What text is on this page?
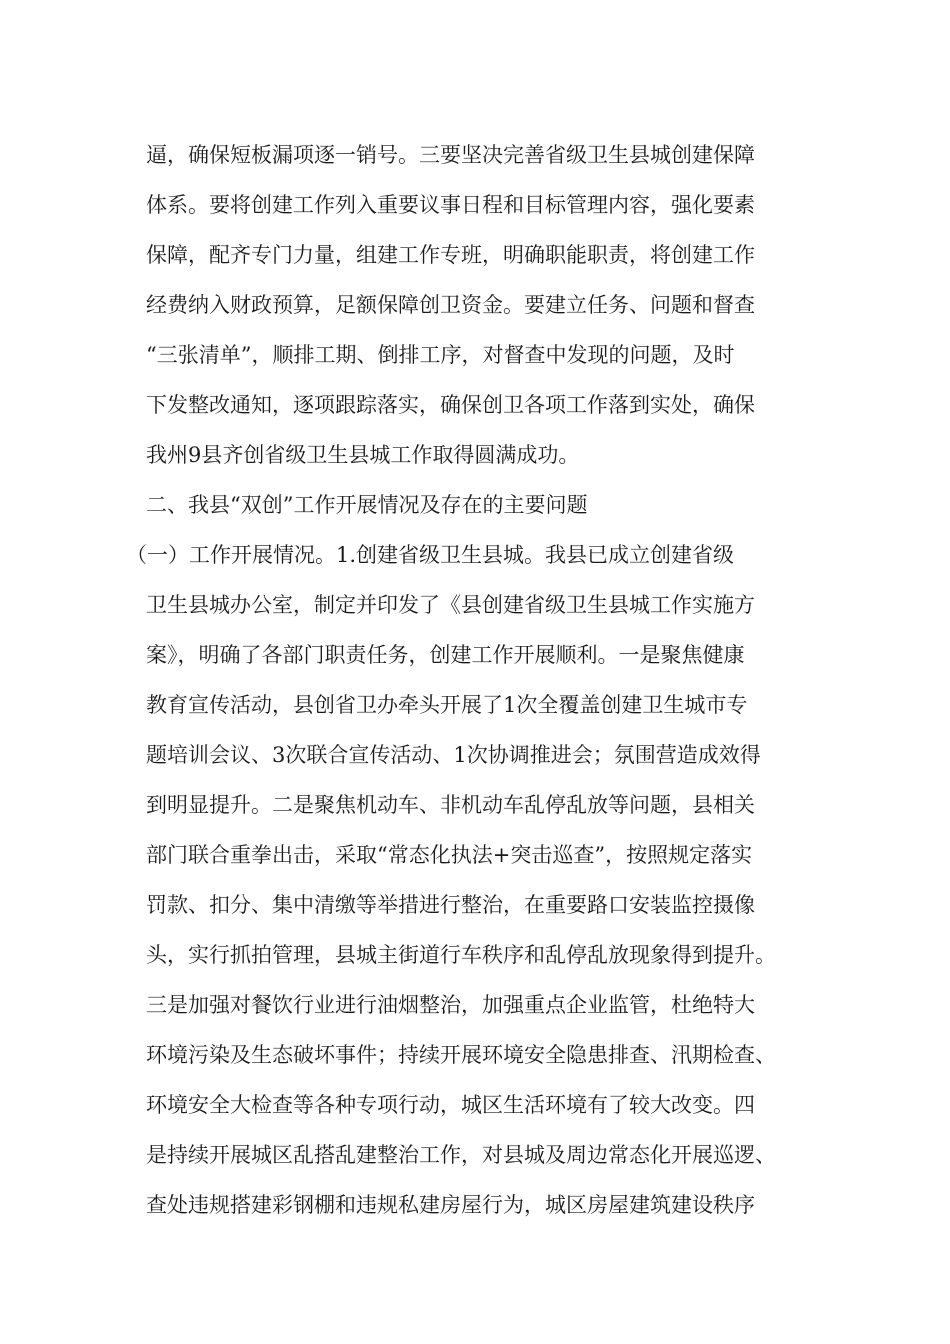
逼，确保短板漏项逐一销号。三要坚决完善省级卫生县城创建保障
体系。要将创建工作列入重要议事日程和目标管理内容，强化要素
保障，配齐专门力量，组建工作专班，明确职能职责，将创建工作
经费纳入财政预算，足额保障创卫资金。要建立任务、问题和督查
“三张清单”，顺排工期、倒排工序，对督查中发现的问题，及时
下发整改通知，逐项跟踪落实，确保创卫各项工作落到实处，确保
我州9县齐创省级卫生县城工作取得圆满成功。
二、我县“双创”工作开展情况及存在的主要问题
（一）工作开展情况。1.创建省级卫生县城。我县已成立创建省级
卫生县城办公室，制定并印发了《县创建省级卫生县城工作实施方
案》，明确了各部门职责任务，创建工作开展顺利。一是聚焦健康
教育宣传活动，县创省卫办牵头开展了1次全覆盖创建卫生城市专
题培训会议、3次联合宣传活动、1次协调推进会；氛围营造成效得
到明显提升。二是聚焦机动车、非机动车乱停乱放等问题，县相关
部门联合重拳出击，采取“常态化执法+突击巡查”，按照规定落实
罚款、扣分、集中清缴等举措进行整治，在重要路口安装监控摄像
头，实行抓拍管理，县城主街道行车秩序和乱停乱放现象得到提升。
三是加强对餐饮行业进行油烟整治，加强重点企业监管，杜绝特大
环境污染及生态破坏事件；持续开展环境安全隐患排查、汛期检查、
环境安全大检查等各种专项行动，城区生活环境有了较大改变。四
是持续开展城区乱搭乱建整治工作，对县城及周边常态化开展巡逻、
查处违规搭建彩钢棚和违规私建房屋行为，城区房屋建筑建设秩序
